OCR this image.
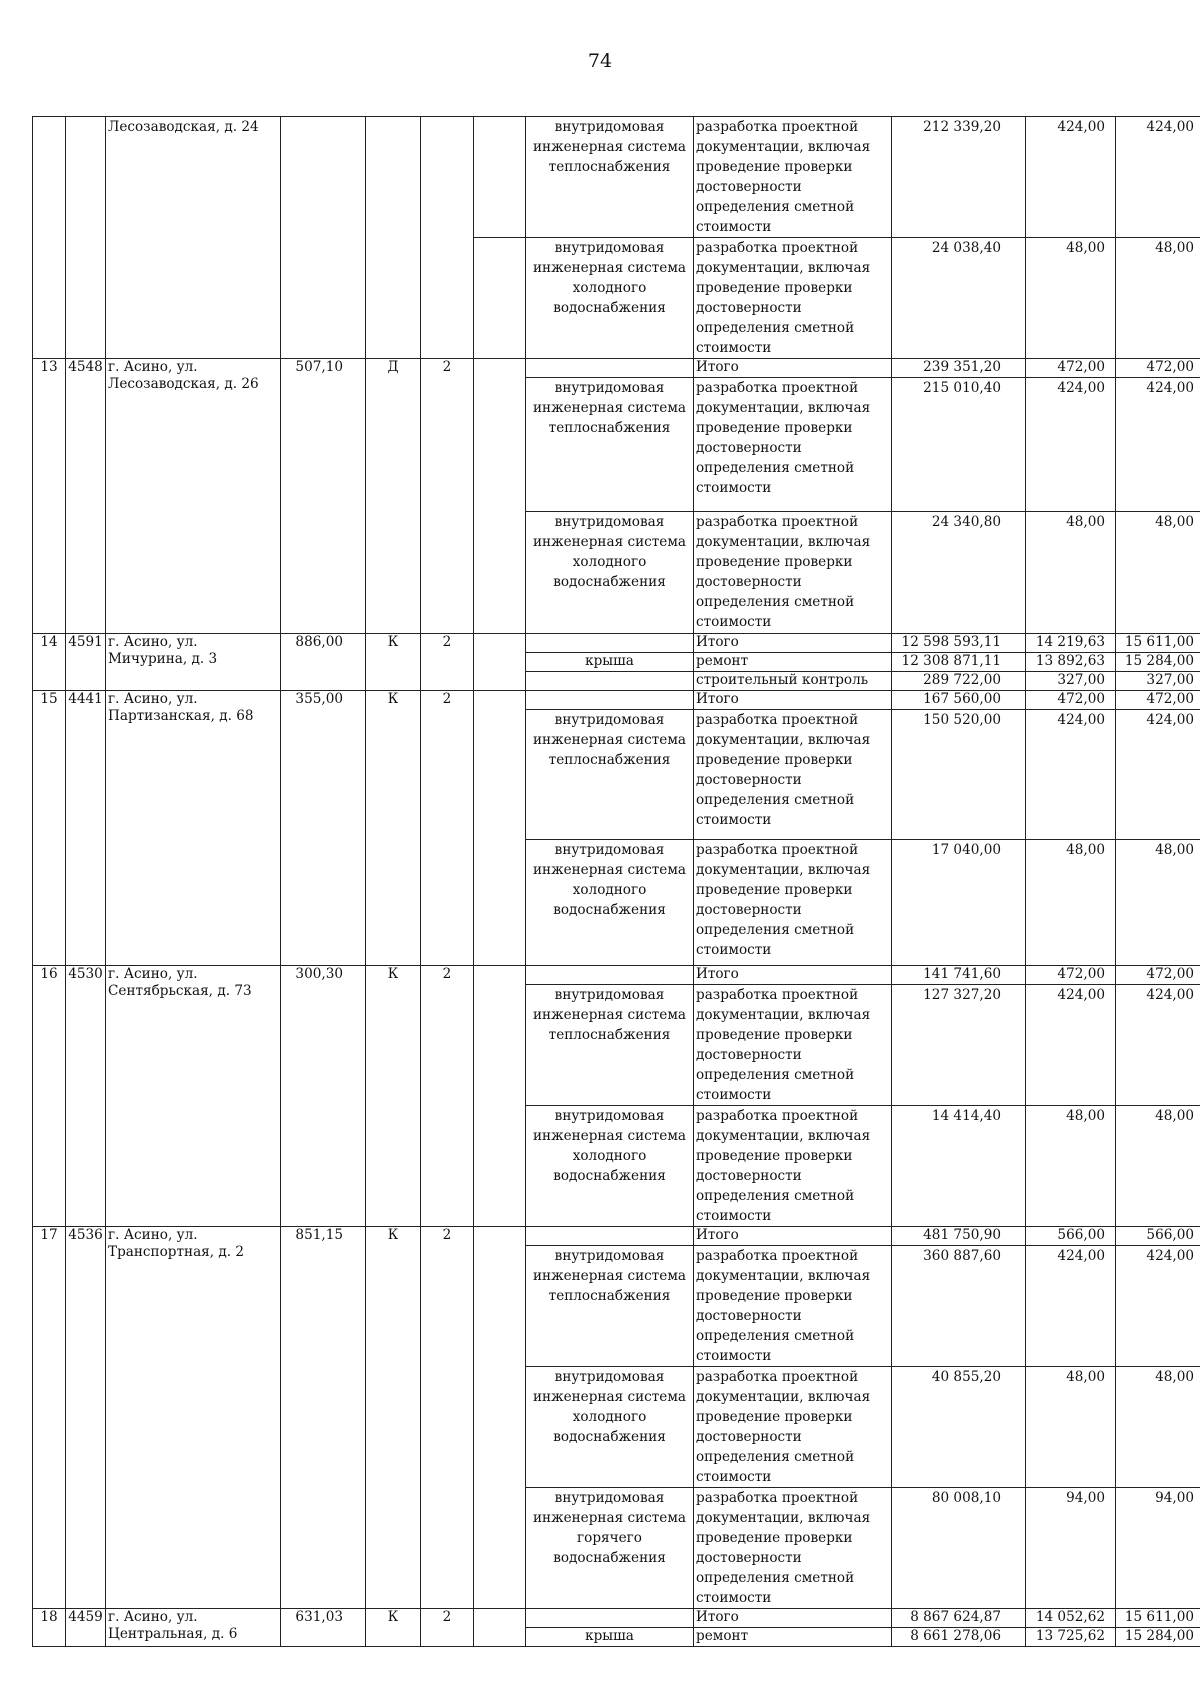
74
		Лесозаводская, д. 24					внутридомовая инженерная система теплоснабжения	разработка проектной документации, включая проведение проверки достоверности определения сметной стоимости	212 339,20	424,00	424,00
							внутридомовая инженерная система холодного водоснабжения	разработка проектной документации, включая проведение проверки достоверности определения сметной стоимости	24 038,40	48,00	48,00
13	4548	г. Асино, ул. Лесозаводская, д. 26	507,10	Д	2			Итого	239 351,20	472,00	472,00
							внутридомовая инженерная система теплоснабжения	разработка проектной документации, включая проведение проверки достоверности определения сметной стоимости	215 010,40	424,00	424,00
							внутридомовая инженерная система холодного водоснабжения	разработка проектной документации, включая проведение проверки достоверности определения сметной стоимости	24 340,80	48,00	48,00
14	4591	г. Асино, ул. Мичурина, д. 3	886,00	К	2			Итого	12 598 593,11	14 219,63	15 611,00
							крыша	ремонт	12 308 871,11	13 892,63	15 284,00
								строительный контроль	289 722,00	327,00	327,00
15	4441	г. Асино, ул. Партизанская, д. 68	355,00	К	2			Итого	167 560,00	472,00	472,00
							внутридомовая инженерная система теплоснабжения	разработка проектной документации, включая проведение проверки достоверности определения сметной стоимости	150 520,00	424,00	424,00
							внутридомовая инженерная система холодного водоснабжения	разработка проектной документации, включая проведение проверки достоверности определения сметной стоимости	17 040,00	48,00	48,00
16	4530	г. Асино, ул. Сентябрьская, д. 73	300,30	К	2			Итого	141 741,60	472,00	472,00
							внутридомовая инженерная система теплоснабжения	разработка проектной документации, включая проведение проверки достоверности определения сметной стоимости	127 327,20	424,00	424,00
							внутридомовая инженерная система холодного водоснабжения	разработка проектной документации, включая проведение проверки достоверности определения сметной стоимости	14 414,40	48,00	48,00
17	4536	г. Асино, ул. Транспортная, д. 2	851,15	К	2			Итого	481 750,90	566,00	566,00
							внутридомовая инженерная система теплоснабжения	разработка проектной документации, включая проведение проверки достоверности определения сметной стоимости	360 887,60	424,00	424,00
							внутридомовая инженерная система холодного водоснабжения	разработка проектной документации, включая проведение проверки достоверности определения сметной стоимости	40 855,20	48,00	48,00
							внутридомовая инженерная система горячего водоснабжения	разработка проектной документации, включая проведение проверки достоверности определения сметной стоимости	80 008,10	94,00	94,00
18	4459	г. Асино, ул. Центральная, д. 6	631,03	К	2			Итого	8 867 624,87	14 052,62	15 611,00
							крыша	ремонт	8 661 278,06	13 725,62	15 284,00
